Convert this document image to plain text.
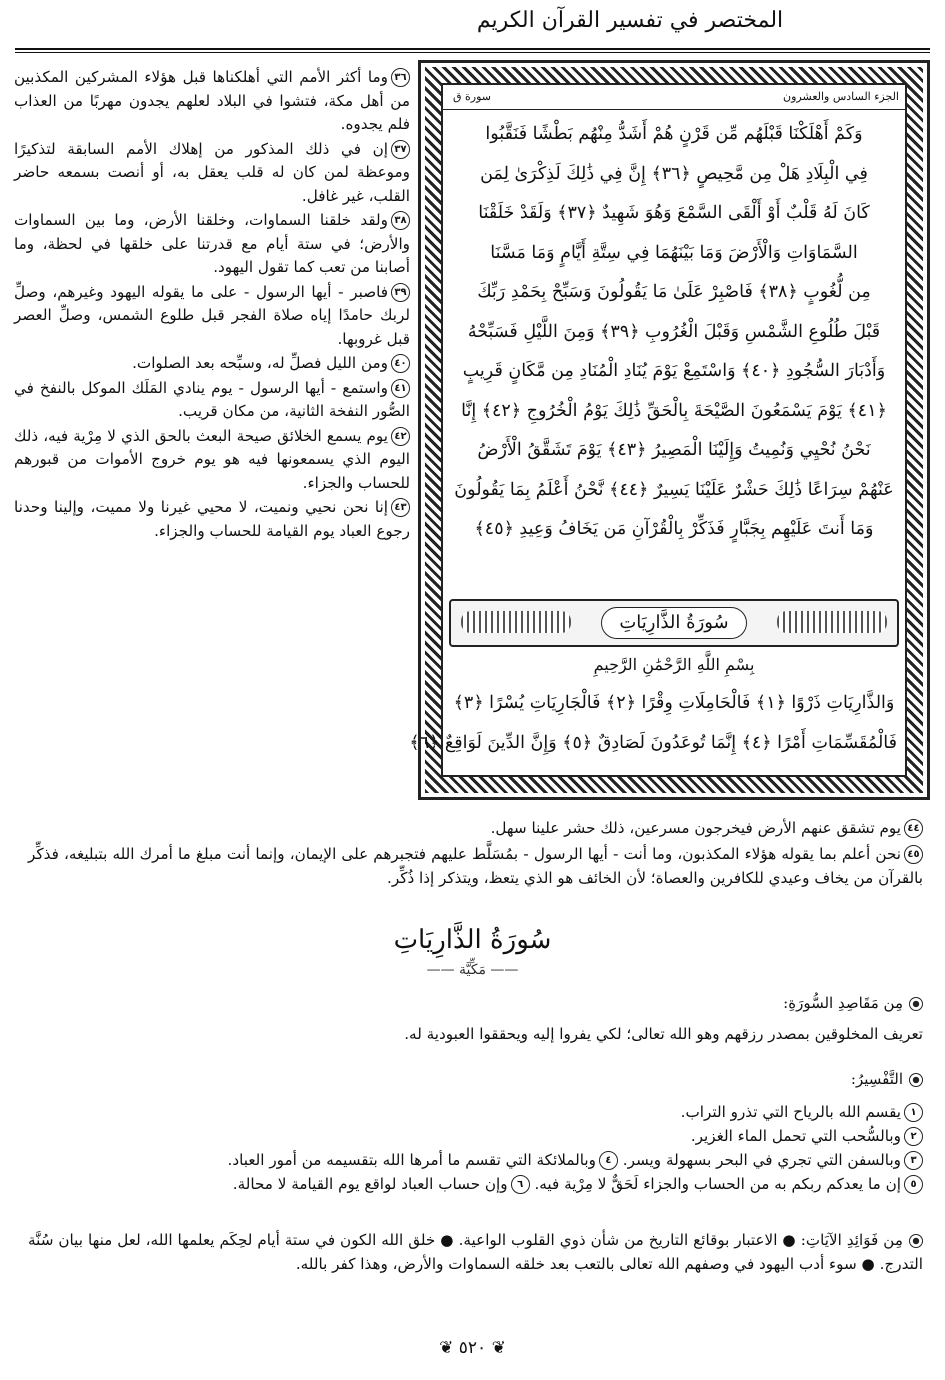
المختصر في تفسير القرآن الكريم
الجزء السادس والعشرون
سورة ق
وَكَمْ أَهْلَكْنَا قَبْلَهُم مِّن قَرْنٍ هُمْ أَشَدُّ مِنْهُم بَطْشًا فَنَقَّبُوا
فِي الْبِلَادِ هَلْ مِن مَّحِيصٍ ﴿٣٦﴾ إِنَّ فِي ذَٰلِكَ لَذِكْرَىٰ لِمَن
كَانَ لَهُ قَلْبٌ أَوْ أَلْقَى السَّمْعَ وَهُوَ شَهِيدٌ ﴿٣٧﴾ وَلَقَدْ خَلَقْنَا
السَّمَاوَاتِ وَالْأَرْضَ وَمَا بَيْنَهُمَا فِي سِتَّةِ أَيَّامٍ وَمَا مَسَّنَا
مِن لُّغُوبٍ ﴿٣٨﴾ فَاصْبِرْ عَلَىٰ مَا يَقُولُونَ وَسَبِّحْ بِحَمْدِ رَبِّكَ
قَبْلَ طُلُوعِ الشَّمْسِ وَقَبْلَ الْغُرُوبِ ﴿٣٩﴾ وَمِنَ اللَّيْلِ فَسَبِّحْهُ
وَأَدْبَارَ السُّجُودِ ﴿٤٠﴾ وَاسْتَمِعْ يَوْمَ يُنَادِ الْمُنَادِ مِن مَّكَانٍ قَرِيبٍ
﴿٤١﴾ يَوْمَ يَسْمَعُونَ الصَّيْحَةَ بِالْحَقِّ ذَٰلِكَ يَوْمُ الْخُرُوجِ ﴿٤٢﴾ إِنَّا
نَحْنُ نُحْيِي وَنُمِيتُ وَإِلَيْنَا الْمَصِيرُ ﴿٤٣﴾ يَوْمَ تَشَقَّقُ الْأَرْضُ
عَنْهُمْ سِرَاعًا ذَٰلِكَ حَشْرٌ عَلَيْنَا يَسِيرٌ ﴿٤٤﴾ نَّحْنُ أَعْلَمُ بِمَا يَقُولُونَ
وَمَا أَنتَ عَلَيْهِم بِجَبَّارٍ فَذَكِّرْ بِالْقُرْآنِ مَن يَخَافُ وَعِيدِ ﴿٤٥﴾
سُورَةُ الذَّارِيَاتِ
بِسْمِ اللَّهِ الرَّحْمَٰنِ الرَّحِيمِ
وَالذَّارِيَاتِ ذَرْوًا ﴿١﴾ فَالْحَامِلَاتِ وِقْرًا ﴿٢﴾ فَالْجَارِيَاتِ يُسْرًا ﴿٣﴾
فَالْمُقَسِّمَاتِ أَمْرًا ﴿٤﴾ إِنَّمَا تُوعَدُونَ لَصَادِقٌ ﴿٥﴾ وَإِنَّ الدِّينَ لَوَاقِعٌ ﴿٦﴾

٣٦وما أكثر الأمم التي أهلكناها قبل هؤلاء المشركين المكذبين من أهل مكة، فتشوا في البلاد لعلهم يجدون مهربًا من العذاب فلم يجدوه.

٣٧إن في ذلك المذكور من إهلاك الأمم السابقة لتذكيرًا وموعظة لمن كان له قلب يعقل به، أو أنصت بسمعه حاضر القلب، غير غافل.

٣٨ولقد خلقنا السماوات، وخلقنا الأرض، وما بين السماوات والأرض؛ في ستة أيام مع قدرتنا على خلقها في لحظة، وما أصابنا من تعب كما تقول اليهود.

٣٩فاصبر - أيها الرسول - على ما يقوله اليهود وغيرهم، وصلِّ لربك حامدًا إياه صلاة الفجر قبل طلوع الشمس، وصلِّ العصر قبل غروبها.

٤٠ومن الليل فصلِّ له، وسبِّحه بعد الصلوات.

٤١واستمع - أيها الرسول - يوم ينادي المَلَك الموكل بالنفخ في الصُّور النفخة الثانية، من مكان قريب.

٤٢يوم يسمع الخلائق صيحة البعث بالحق الذي لا مِرْية فيه، ذلك اليوم الذي يسمعونها فيه هو يوم خروج الأموات من قبورهم للحساب والجزاء.

٤٣إنا نحن نحيي ونميت، لا محيي غيرنا ولا مميت، وإلينا وحدنا رجوع العباد يوم القيامة للحساب والجزاء.

٤٤يوم تشقق عنهم الأرض فيخرجون مسرعين، ذلك حشر علينا سهل.
٤٥نحن أعلم بما يقوله هؤلاء المكذبون، وما أنت - أيها الرسول - بمُسَلَّط عليهم فتجبرهم على الإيمان، وإنما أنت مبلغ ما أمرك الله بتبليغه، فذكِّر بالقرآن من يخاف وعيدي للكافرين والعصاة؛ لأن الخائف هو الذي يتعظ، ويتذكر إذا ذُكِّر.
سُورَةُ الذَّارِيَاتِ
—— مَكِّيَّة ——
مِن مَقَاصِدِ السُّورَةِ:
تعريف المخلوقين بمصدر رزقهم وهو الله تعالى؛ لكي يفروا إليه ويحققوا العبودية له.
التَّفْسِيرُ:
١يقسم الله بالرياح التي تذرو التراب.
٢وبالسُّحب التي تحمل الماء الغزير.
٣وبالسفن التي تجري في البحر بسهولة ويسر. ٤وبالملائكة التي تقسم ما أمرها الله بتقسيمه من أمور العباد.
٥إن ما يعدكم ربكم به من الحساب والجزاء لَحَقٌّ لا مِرْية فيه. ٦وإن حساب العباد لواقع يوم القيامة لا محالة.
مِن فَوَائِدِ الآيَاتِ: ● الاعتبار بوقائع التاريخ من شأن ذوي القلوب الواعية. ● خلق الله الكون في ستة أيام لحِكَم يعلمها الله، لعل منها بيان سُنَّة التدرج. ● سوء أدب اليهود في وصفهم الله تعالى بالتعب بعد خلقه السماوات والأرض، وهذا كفر بالله.
❦ ٥٢٠ ❦
